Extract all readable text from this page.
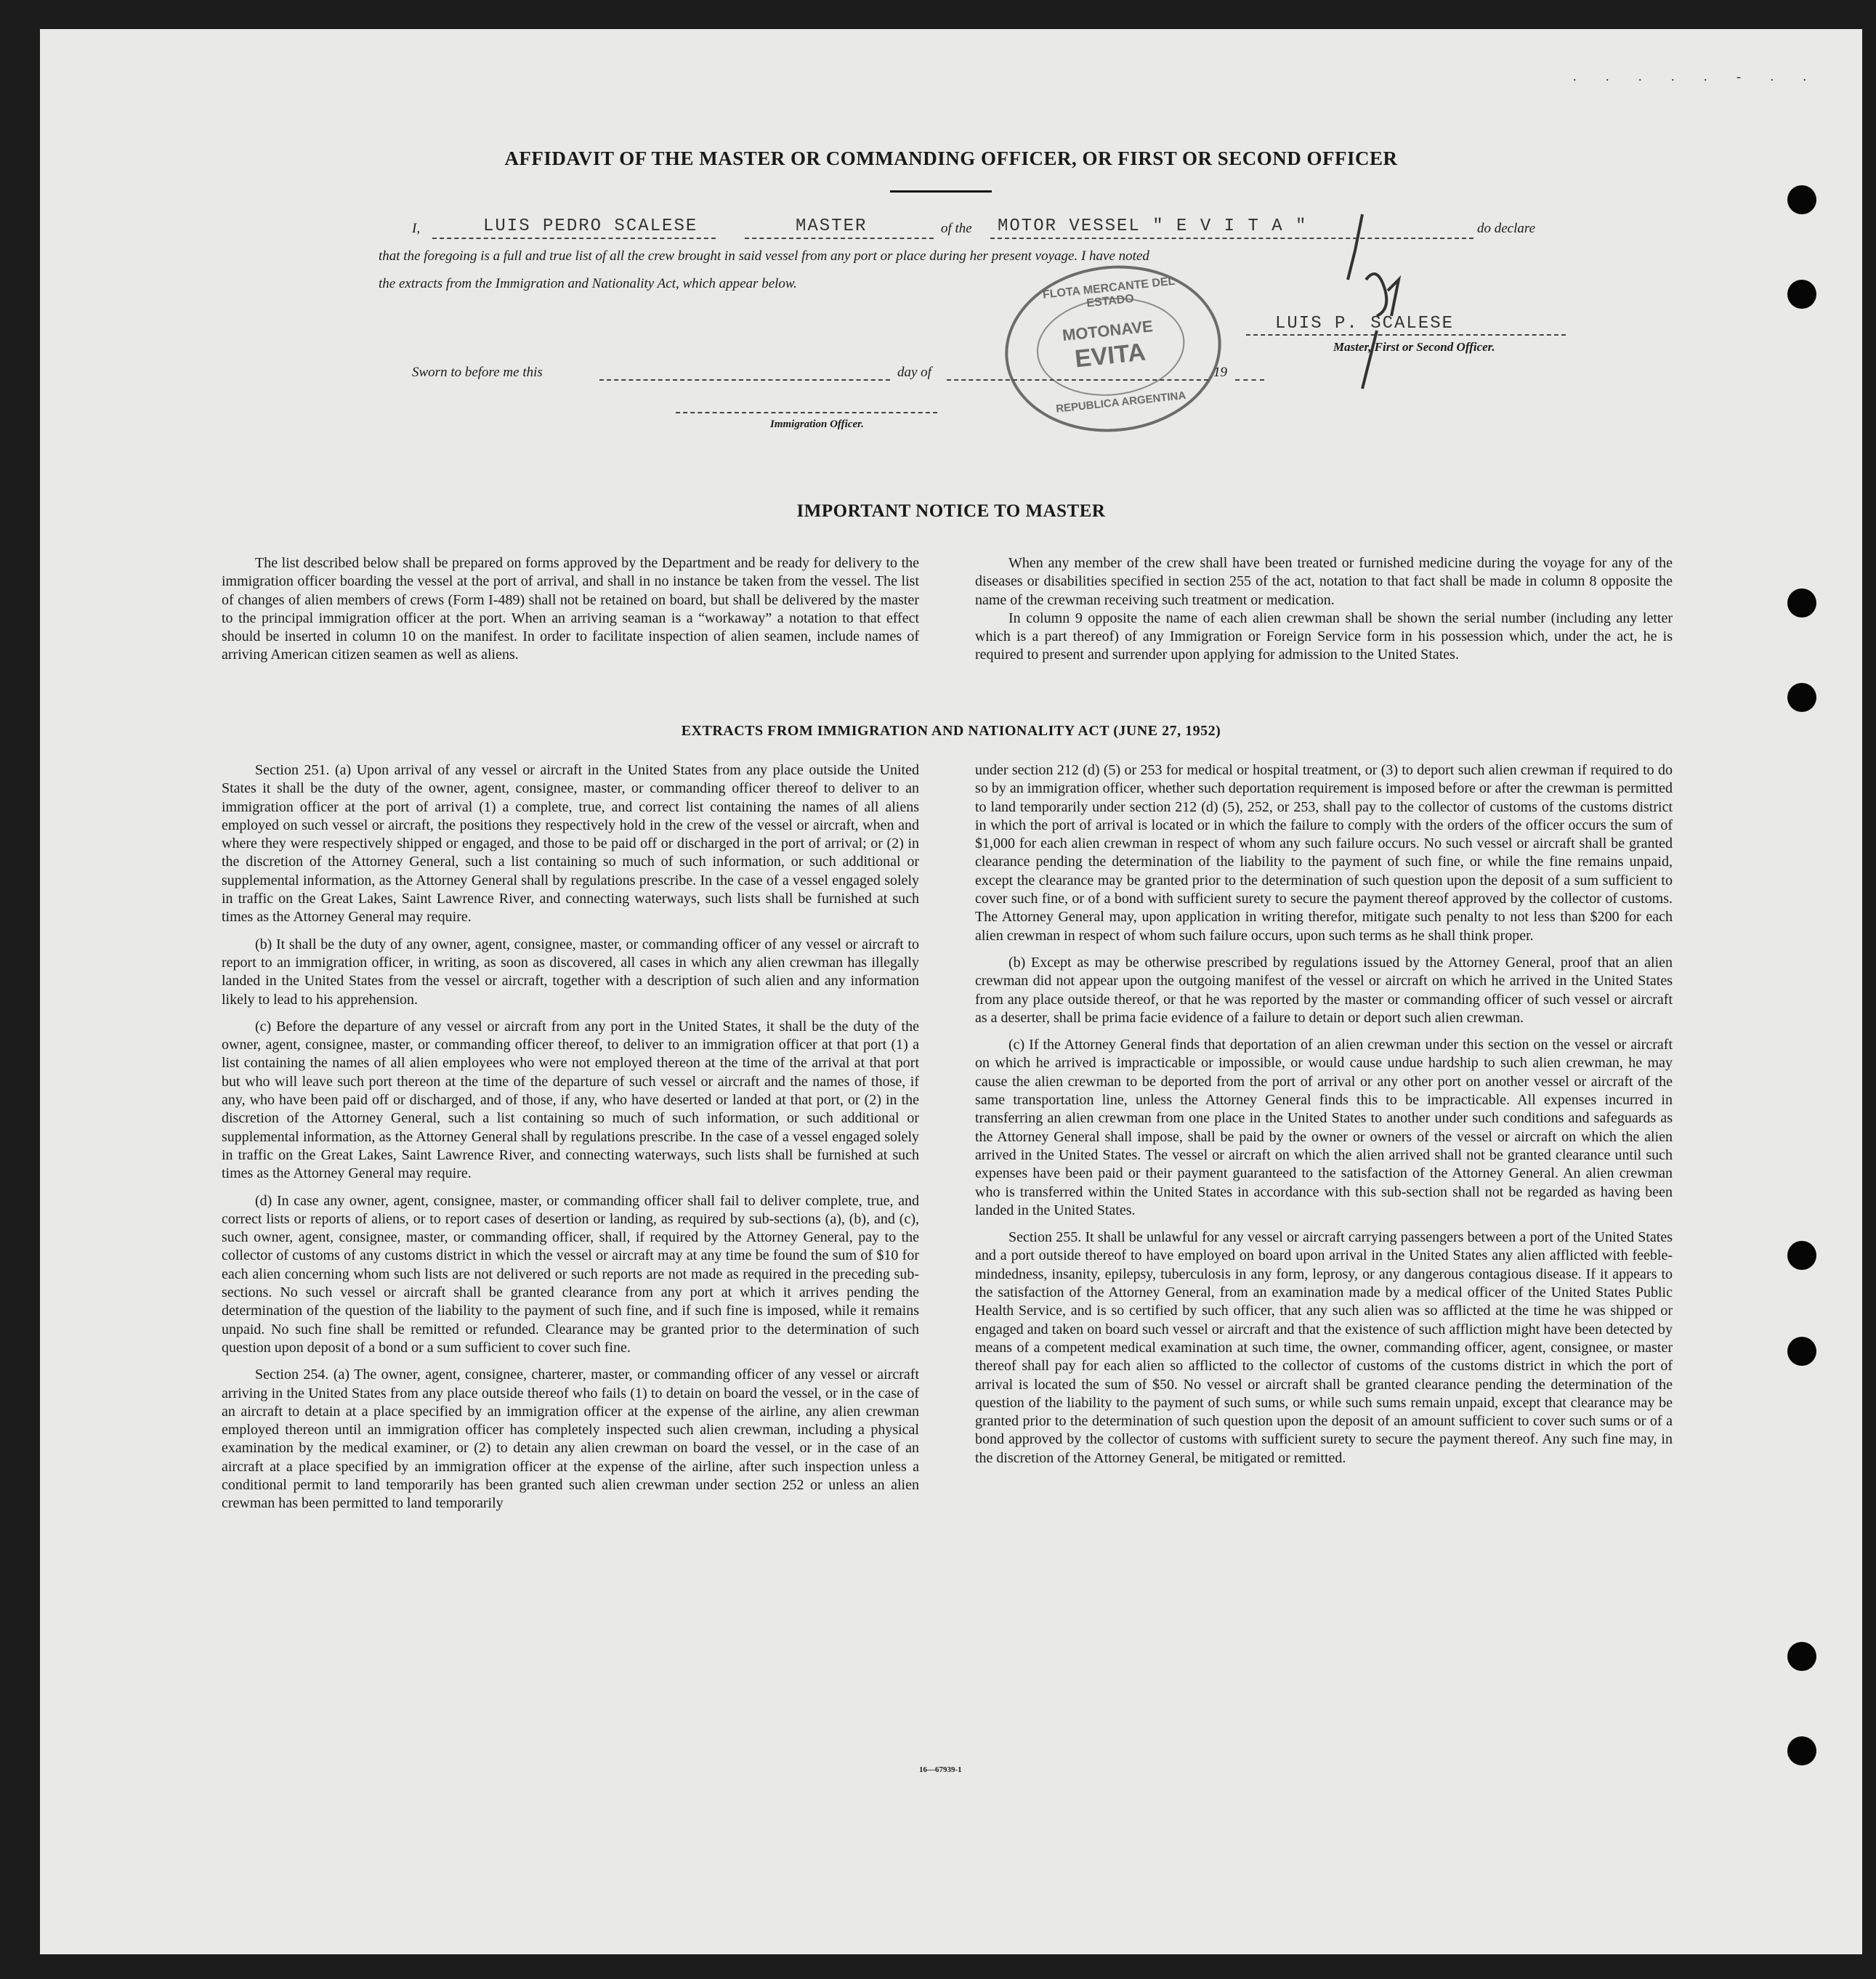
. . . . . - . .
AFFIDAVIT OF THE MASTER OR COMMANDING OFFICER, OR FIRST OR SECOND OFFICER
I,	LUIS PEDRO SCALESE	MASTER	of the MOTOR VESSEL " E V I T A "	do declare
that the foregoing is a full and true list of all the crew brought in said vessel from any port or place during her present voyage. I have noted
the extracts from the Immigration and Nationality Act, which appear below.	FLOTA MERCANTE DEL ESTADO
MOTONAVE
EVITA
REPUBLICA ARGENTINA
LUIS P. SCALESE
Master, First or Second Officer.
Sworn to before me this	day of	19
Immigration Officer.
IMPORTANT NOTICE TO MASTER

The list described below shall be prepared on forms approved by the Department and be ready for delivery to the immigration officer boarding the vessel at the port of arrival, and shall in no instance be taken from the vessel. The list of changes of alien members of crews (Form I-489) shall not be retained on board, but shall be delivered by the master to the principal immigration officer at the port. When an arriving seaman is a “workaway” a notation to that effect should be inserted in column 10 on the manifest. In order to facilitate inspection of alien seamen, include names of arriving American citizen seamen as well as aliens.

When any member of the crew shall have been treated or furnished medicine during the voyage for any of the diseases or disabilities specified in section 255 of the act, notation to that fact shall be made in column 8 opposite the name of the crewman receiving such treatment or medication.

In column 9 opposite the name of each alien crewman shall be shown the serial number (including any letter which is a part thereof) of any Immigration or Foreign Service form in his possession which, under the act, he is required to present and surrender upon applying for admission to the United States.

EXTRACTS FROM IMMIGRATION AND NATIONALITY ACT (JUNE 27, 1952)

Section 251. (a) Upon arrival of any vessel or aircraft in the United States from any place outside the United States it shall be the duty of the owner, agent, consignee, master, or commanding officer thereof to deliver to an immigration officer at the port of arrival (1) a complete, true, and correct list containing the names of all aliens employed on such vessel or aircraft, the positions they respectively hold in the crew of the vessel or aircraft, when and where they were respectively shipped or engaged, and those to be paid off or discharged in the port of arrival; or (2) in the discretion of the Attorney General, such a list containing so much of such information, or such additional or supplemental information, as the Attorney General shall by regulations prescribe. In the case of a vessel engaged solely in traffic on the Great Lakes, Saint Lawrence River, and connecting waterways, such lists shall be furnished at such times as the Attorney General may require.

(b) It shall be the duty of any owner, agent, consignee, master, or commanding officer of any vessel or aircraft to report to an immigration officer, in writing, as soon as discovered, all cases in which any alien crewman has illegally landed in the United States from the vessel or aircraft, together with a description of such alien and any information likely to lead to his apprehension.

(c) Before the departure of any vessel or aircraft from any port in the United States, it shall be the duty of the owner, agent, consignee, master, or commanding officer thereof, to deliver to an immigration officer at that port (1) a list containing the names of all alien employees who were not employed thereon at the time of the arrival at that port but who will leave such port thereon at the time of the departure of such vessel or aircraft and the names of those, if any, who have been paid off or discharged, and of those, if any, who have deserted or landed at that port, or (2) in the discretion of the Attorney General, such a list containing so much of such information, or such additional or supplemental information, as the Attorney General shall by regulations prescribe. In the case of a vessel engaged solely in traffic on the Great Lakes, Saint Lawrence River, and connecting waterways, such lists shall be furnished at such times as the Attorney General may require.

(d) In case any owner, agent, consignee, master, or commanding officer shall fail to deliver complete, true, and correct lists or reports of aliens, or to report cases of desertion or landing, as required by sub-sections (a), (b), and (c), such owner, agent, consignee, master, or commanding officer, shall, if required by the Attorney General, pay to the collector of customs of any customs district in which the vessel or aircraft may at any time be found the sum of $10 for each alien concerning whom such lists are not delivered or such reports are not made as required in the preceding sub-sections. No such vessel or aircraft shall be granted clearance from any port at which it arrives pending the determination of the question of the liability to the payment of such fine, and if such fine is imposed, while it remains unpaid. No such fine shall be remitted or refunded. Clearance may be granted prior to the determination of such question upon deposit of a bond or a sum sufficient to cover such fine.

Section 254. (a) The owner, agent, consignee, charterer, master, or commanding officer of any vessel or aircraft arriving in the United States from any place outside thereof who fails (1) to detain on board the vessel, or in the case of an aircraft to detain at a place specified by an immigration officer at the expense of the airline, any alien crewman employed thereon until an immigration officer has completely inspected such alien crewman, including a physical examination by the medical examiner, or (2) to detain any alien crewman on board the vessel, or in the case of an aircraft at a place specified by an immigration officer at the expense of the airline, after such inspection unless a conditional permit to land temporarily has been granted such alien crewman under section 252 or unless an alien crewman has been permitted to land temporarily

under section 212 (d) (5) or 253 for medical or hospital treatment, or (3) to deport such alien crewman if required to do so by an immigration officer, whether such deportation requirement is imposed before or after the crewman is permitted to land temporarily under section 212 (d) (5), 252, or 253, shall pay to the collector of customs of the customs district in which the port of arrival is located or in which the failure to comply with the orders of the officer occurs the sum of $1,000 for each alien crewman in respect of whom any such failure occurs. No such vessel or aircraft shall be granted clearance pending the determination of the liability to the payment of such fine, or while the fine remains unpaid, except the clearance may be granted prior to the determination of such question upon the deposit of a sum sufficient to cover such fine, or of a bond with sufficient surety to secure the payment thereof approved by the collector of customs. The Attorney General may, upon application in writing therefor, mitigate such penalty to not less than $200 for each alien crewman in respect of whom such failure occurs, upon such terms as he shall think proper.

(b) Except as may be otherwise prescribed by regulations issued by the Attorney General, proof that an alien crewman did not appear upon the outgoing manifest of the vessel or aircraft on which he arrived in the United States from any place outside thereof, or that he was reported by the master or commanding officer of such vessel or aircraft as a deserter, shall be prima facie evidence of a failure to detain or deport such alien crewman.

(c) If the Attorney General finds that deportation of an alien crewman under this section on the vessel or aircraft on which he arrived is impracticable or impossible, or would cause undue hardship to such alien crewman, he may cause the alien crewman to be deported from the port of arrival or any other port on another vessel or aircraft of the same transportation line, unless the Attorney General finds this to be impracticable. All expenses incurred in transferring an alien crewman from one place in the United States to another under such conditions and safeguards as the Attorney General shall impose, shall be paid by the owner or owners of the vessel or aircraft on which the alien arrived in the United States. The vessel or aircraft on which the alien arrived shall not be granted clearance until such expenses have been paid or their payment guaranteed to the satisfaction of the Attorney General. An alien crewman who is transferred within the United States in accordance with this sub-section shall not be regarded as having been landed in the United States.

Section 255. It shall be unlawful for any vessel or aircraft carrying passengers between a port of the United States and a port outside thereof to have employed on board upon arrival in the United States any alien afflicted with feeble-mindedness, insanity, epilepsy, tuberculosis in any form, leprosy, or any dangerous contagious disease. If it appears to the satisfaction of the Attorney General, from an examination made by a medical officer of the United States Public Health Service, and is so certified by such officer, that any such alien was so afflicted at the time he was shipped or engaged and taken on board such vessel or aircraft and that the existence of such affliction might have been detected by means of a competent medical examination at such time, the owner, commanding officer, agent, consignee, or master thereof shall pay for each alien so afflicted to the collector of customs of the customs district in which the port of arrival is located the sum of $50. No vessel or aircraft shall be granted clearance pending the determination of the question of the liability to the payment of such sums, or while such sums remain unpaid, except that clearance may be granted prior to the determination of such question upon the deposit of an amount sufficient to cover such sums or of a bond approved by the collector of customs with sufficient surety to secure the payment thereof. Any such fine may, in the discretion of the Attorney General, be mitigated or remitted.

16—67939-1
